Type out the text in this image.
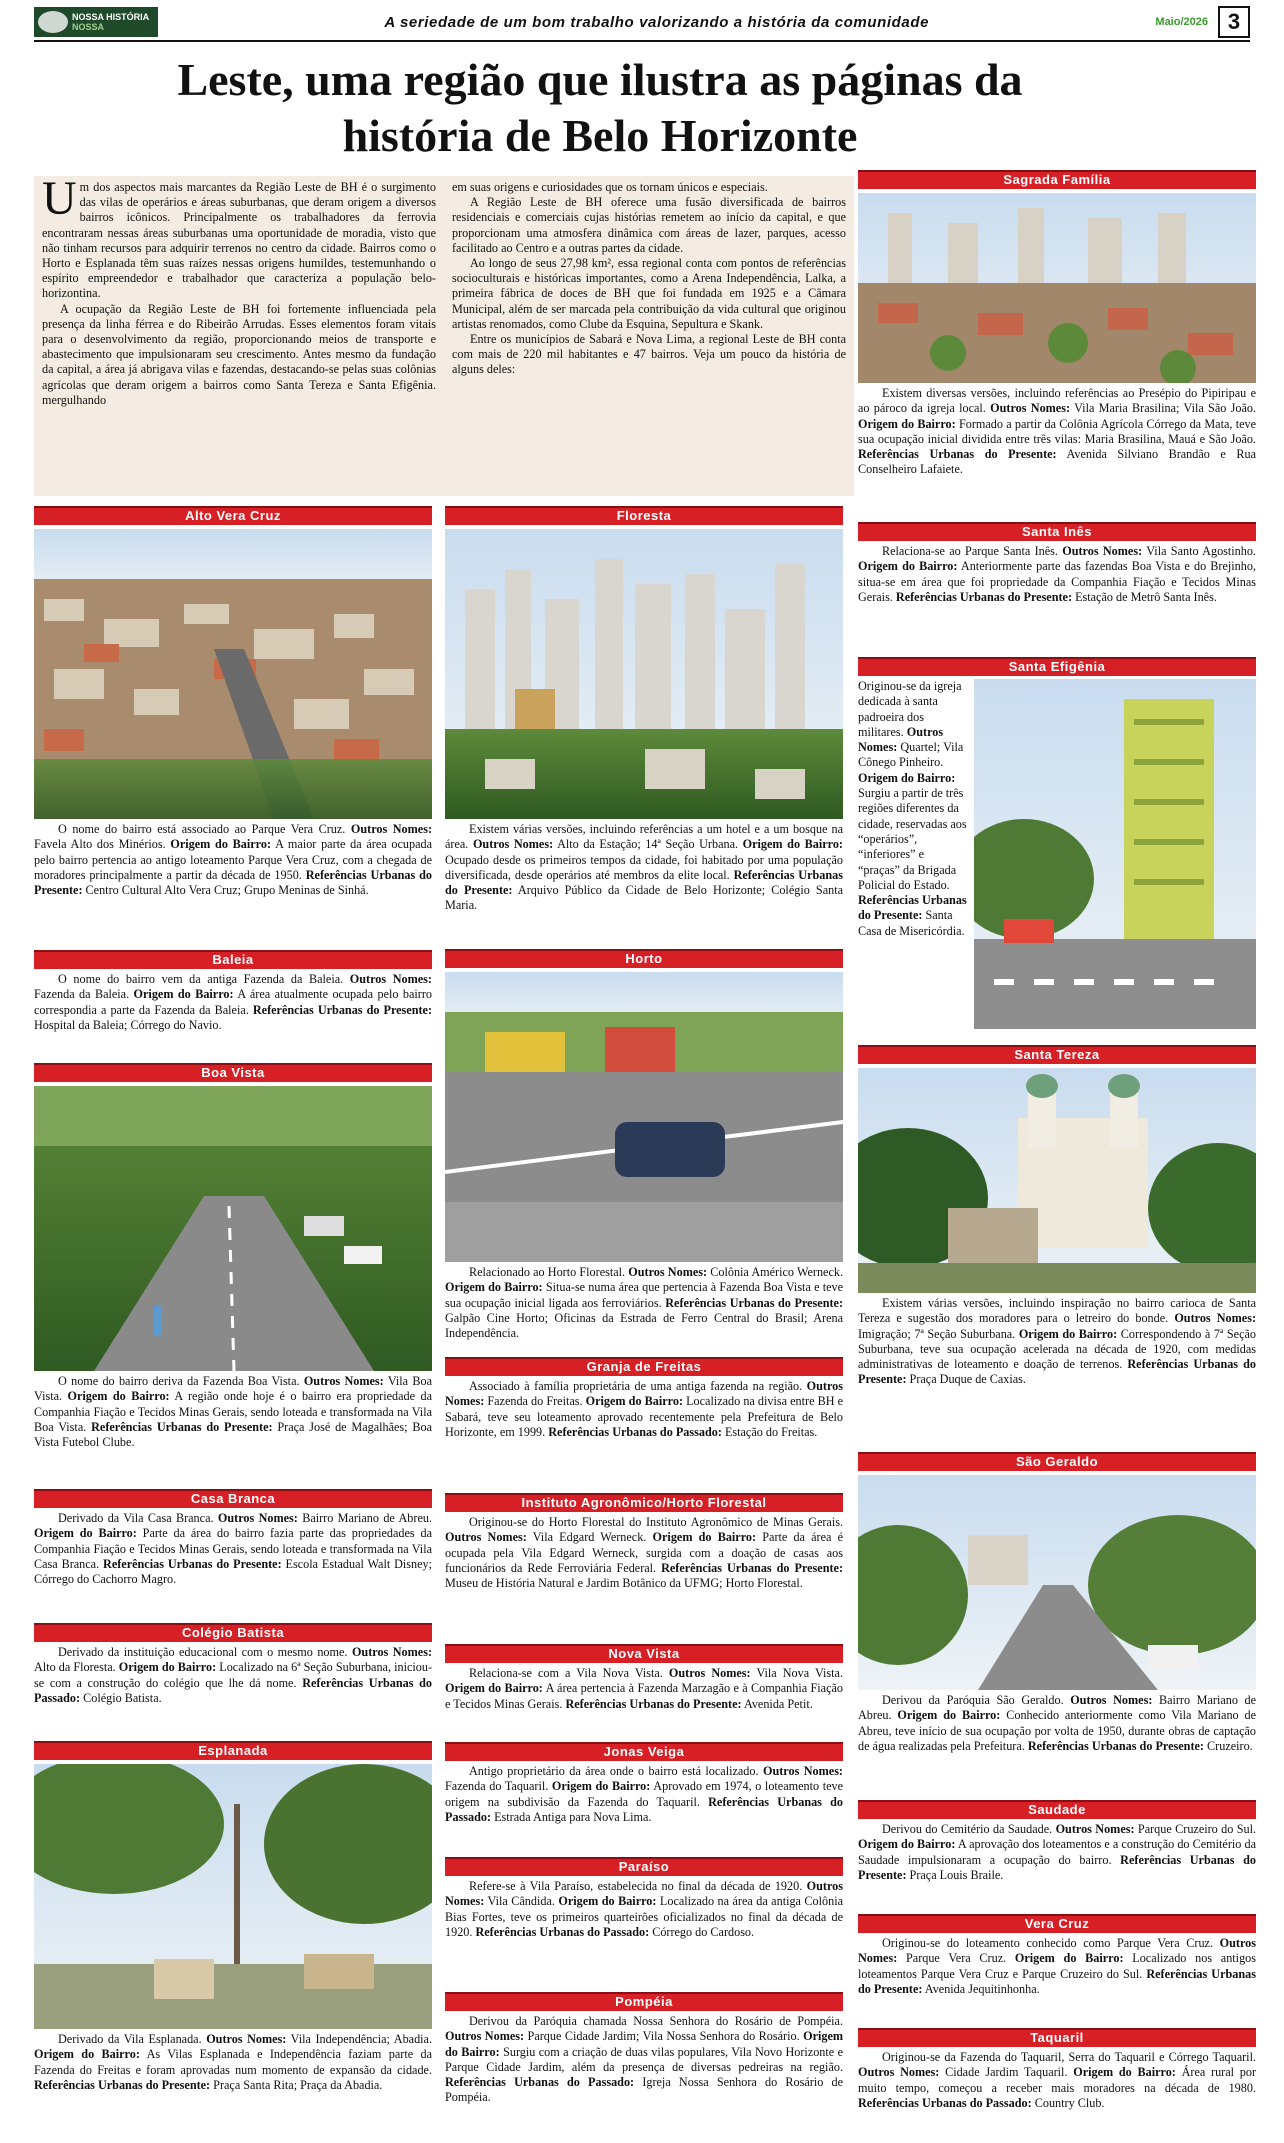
NOSSA HISTÓRIA
NOSSA	A seriedade de um bom trabalho valorizando a história da comunidade	Maio/2026 3
Leste, uma região que ilustra as páginas da história de Belo Horizonte

Um dos aspectos mais marcantes da Região Leste de BH é o surgimento das vilas de operários e áreas suburbanas, que deram origem a diversos bairros icônicos. Principalmente os trabalhadores da ferrovia encontraram nessas áreas suburbanas uma oportunidade de moradia, visto que não tinham recursos para adquirir terrenos no centro da cidade. Bairros como o Horto e Esplanada têm suas raízes nessas origens humildes, testemunhando o espírito empreendedor e trabalhador que caracteriza a população belo-horizontina.

A ocupação da Região Leste de BH foi fortemente influenciada pela presença da linha férrea e do Ribeirão Arrudas. Esses elementos foram vitais para o desenvolvimento da região, proporcionando meios de transporte e abastecimento que impulsionaram seu crescimento. Antes mesmo da fundação da capital, a área já abrigava vilas e fazendas, destacando-se pelas suas colônias agrícolas que deram origem a bairros como Santa Tereza e Santa Efigênia. mergulhando

em suas origens e curiosidades que os tornam únicos e especiais.

A Região Leste de BH oferece uma fusão diversificada de bairros residenciais e comerciais cujas histórias remetem ao início da capital, e que proporcionam uma atmosfera dinâmica com áreas de lazer, parques, acesso facilitado ao Centro e a outras partes da cidade.

Ao longo de seus 27,98 km², essa regional conta com pontos de referências socioculturais e históricas importantes, como a Arena Independência, Lalka, a primeira fábrica de doces de BH que foi fundada em 1925 e a Câmara Municipal, além de ser marcada pela contribuição da vida cultural que originou artistas renomados, como Clube da Esquina, Sepultura e Skank.

Entre os municípios de Sabará e Nova Lima, a regional Leste de BH conta com mais de 220 mil habitantes e 47 bairros. Veja um pouco da história de alguns deles:

Alto Vera Cruz

O nome do bairro está associado ao Parque Vera Cruz. Outros Nomes: Favela Alto dos Minérios. Origem do Bairro: A maior parte da área ocupada pelo bairro pertencia ao antigo loteamento Parque Vera Cruz, com a chegada de moradores principalmente a partir da década de 1950. Referências Urbanas do Presente: Centro Cultural Alto Vera Cruz; Grupo Meninas de Sinhá.

Baleia

O nome do bairro vem da antiga Fazenda da Baleia. Outros Nomes: Fazenda da Baleia. Origem do Bairro: A área atualmente ocupada pelo bairro correspondia a parte da Fazenda da Baleia. Referências Urbanas do Presente: Hospital da Baleia; Córrego do Navio.

Boa Vista

O nome do bairro deriva da Fazenda Boa Vista. Outros Nomes: Vila Boa Vista. Origem do Bairro: A região onde hoje é o bairro era propriedade da Companhia Fiação e Tecidos Minas Gerais, sendo loteada e transformada na Vila Boa Vista. Referências Urbanas do Presente: Praça José de Magalhães; Boa Vista Futebol Clube.

Casa Branca

Derivado da Vila Casa Branca. Outros Nomes: Bairro Mariano de Abreu. Origem do Bairro: Parte da área do bairro fazia parte das propriedades da Companhia Fiação e Tecidos Minas Gerais, sendo loteada e transformada na Vila Casa Branca. Referências Urbanas do Presente: Escola Estadual Walt Disney; Córrego do Cachorro Magro.

Colégio Batista

Derivado da instituição educacional com o mesmo nome. Outros Nomes: Alto da Floresta. Origem do Bairro: Localizado na 6ª Seção Suburbana, iniciou-se com a construção do colégio que lhe dá nome. Referências Urbanas do Passado: Colégio Batista.

Esplanada

Derivado da Vila Esplanada. Outros Nomes: Vila Independência; Abadia. Origem do Bairro: As Vilas Esplanada e Independência faziam parte da Fazenda do Freitas e foram aprovadas num momento de expansão da cidade. Referências Urbanas do Presente: Praça Santa Rita; Praça da Abadia.

Floresta

Existem várias versões, incluindo referências a um hotel e a um bosque na área. Outros Nomes: Alto da Estação; 14ª Seção Urbana. Origem do Bairro: Ocupado desde os primeiros tempos da cidade, foi habitado por uma população diversificada, desde operários até membros da elite local. Referências Urbanas do Presente: Arquivo Público da Cidade de Belo Horizonte; Colégio Santa Maria.

Horto

Relacionado ao Horto Florestal. Outros Nomes: Colônia Américo Werneck. Origem do Bairro: Situa-se numa área que pertencia à Fazenda Boa Vista e teve sua ocupação inicial ligada aos ferroviários. Referências Urbanas do Presente: Galpão Cine Horto; Oficinas da Estrada de Ferro Central do Brasil; Arena Independência.

Granja de Freitas

Associado à família proprietária de uma antiga fazenda na região. Outros Nomes: Fazenda do Freitas. Origem do Bairro: Localizado na divisa entre BH e Sabará, teve seu loteamento aprovado recentemente pela Prefeitura de Belo Horizonte, em 1999. Referências Urbanas do Passado: Estação do Freitas.

Instituto Agronômico/Horto Florestal

Originou-se do Horto Florestal do Instituto Agronômico de Minas Gerais. Outros Nomes: Vila Edgard Werneck. Origem do Bairro: Parte da área é ocupada pela Vila Edgard Werneck, surgida com a doação de casas aos funcionários da Rede Ferroviária Federal. Referências Urbanas do Presente: Museu de História Natural e Jardim Botânico da UFMG; Horto Florestal.

Nova Vista

Relaciona-se com a Vila Nova Vista. Outros Nomes: Vila Nova Vista. Origem do Bairro: A área pertencia à Fazenda Marzagão e à Companhia Fiação e Tecidos Minas Gerais. Referências Urbanas do Presente: Avenida Petit.

Jonas Veiga

Antigo proprietário da área onde o bairro está localizado. Outros Nomes: Fazenda do Taquaril. Origem do Bairro: Aprovado em 1974, o loteamento teve origem na subdivisão da Fazenda do Taquaril. Referências Urbanas do Passado: Estrada Antiga para Nova Lima.

Paraíso

Refere-se à Vila Paraíso, estabelecida no final da década de 1920. Outros Nomes: Vila Cândida. Origem do Bairro: Localizado na área da antiga Colônia Bias Fortes, teve os primeiros quarteirões oficializados no final da década de 1920. Referências Urbanas do Passado: Córrego do Cardoso.

Pompéia

Derivou da Paróquia chamada Nossa Senhora do Rosário de Pompéia. Outros Nomes: Parque Cidade Jardim; Vila Nossa Senhora do Rosário. Origem do Bairro: Surgiu com a criação de duas vilas populares, Vila Novo Horizonte e Parque Cidade Jardim, além da presença de diversas pedreiras na região. Referências Urbanas do Passado: Igreja Nossa Senhora do Rosário de Pompéia.

Sagrada Família

Existem diversas versões, incluindo referências ao Presépio do Pipiripau e ao pároco da igreja local. Outros Nomes: Vila Maria Brasilina; Vila São João. Origem do Bairro: Formado a partir da Colônia Agrícola Córrego da Mata, teve sua ocupação inicial dividida entre três vilas: Maria Brasilina, Mauá e São João. Referências Urbanas do Presente: Avenida Silviano Brandão e Rua Conselheiro Lafaiete.

Santa Inês

Relaciona-se ao Parque Santa Inês. Outros Nomes: Vila Santo Agostinho. Origem do Bairro: Anteriormente parte das fazendas Boa Vista e do Brejinho, situa-se em área que foi propriedade da Companhia Fiação e Tecidos Minas Gerais. Referências Urbanas do Presente: Estação de Metrô Santa Inês.

Santa Efigênia

Originou-se da igreja dedicada à santa padroeira dos militares. Outros Nomes: Quartel; Vila Cônego Pinheiro. Origem do Bairro: Surgiu a partir de três regiões diferentes da cidade, reservadas aos “operários”, “inferiores” e “praças” da Brigada Policial do Estado. Referências Urbanas do Presente: Santa Casa de Misericórdia.

Santa Tereza

Existem várias versões, incluindo inspiração no bairro carioca de Santa Tereza e sugestão dos moradores para o letreiro do bonde. Outros Nomes: Imigração; 7ª Seção Suburbana. Origem do Bairro: Correspondendo à 7ª Seção Suburbana, teve sua ocupação acelerada na década de 1920, com medidas administrativas de loteamento e doação de terrenos. Referências Urbanas do Presente: Praça Duque de Caxias.

São Geraldo

Derivou da Paróquia São Geraldo. Outros Nomes: Bairro Mariano de Abreu. Origem do Bairro: Conhecido anteriormente como Vila Mariano de Abreu, teve início de sua ocupação por volta de 1950, durante obras de captação de água realizadas pela Prefeitura. Referências Urbanas do Presente: Cruzeiro.

Saudade

Derivou do Cemitério da Saudade. Outros Nomes: Parque Cruzeiro do Sul. Origem do Bairro: A aprovação dos loteamentos e a construção do Cemitério da Saudade impulsionaram a ocupação do bairro. Referências Urbanas do Presente: Praça Louis Braile.

Vera Cruz

Originou-se do loteamento conhecido como Parque Vera Cruz. Outros Nomes: Parque Vera Cruz. Origem do Bairro: Localizado nos antigos loteamentos Parque Vera Cruz e Parque Cruzeiro do Sul. Referências Urbanas do Presente: Avenida Jequitinhonha.

Taquaril

Originou-se da Fazenda do Taquaril, Serra do Taquaril e Córrego Taquaril. Outros Nomes: Cidade Jardim Taquaril. Origem do Bairro: Área rural por muito tempo, começou a receber mais moradores na década de 1980. Referências Urbanas do Passado: Country Club.
